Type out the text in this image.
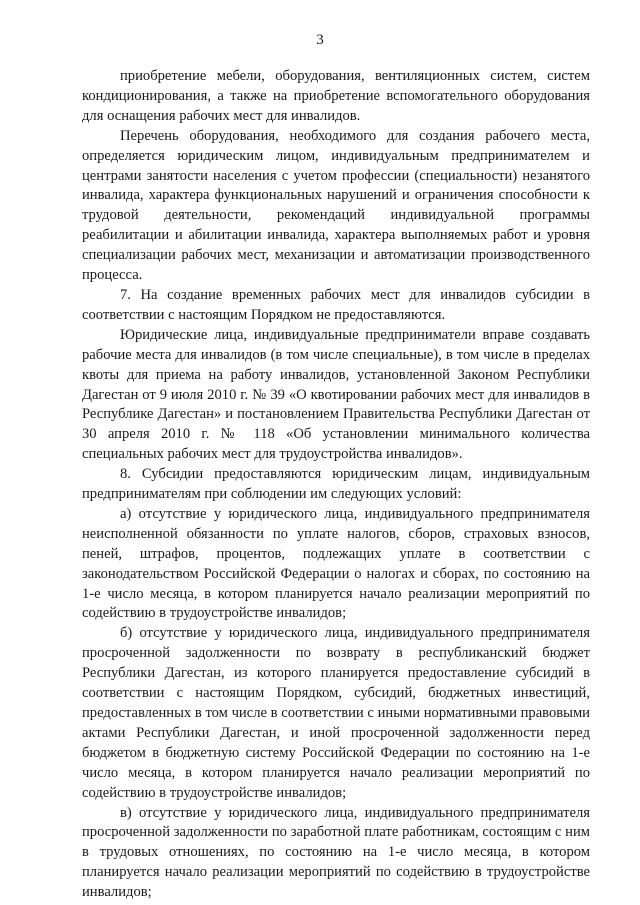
3

приобретение мебели, оборудования, вентиляционных систем, систем кондиционирования, а также на приобретение вспомогательного оборудования для оснащения рабочих мест для инвалидов.

Перечень оборудования, необходимого для создания рабочего места, определяется юридическим лицом, индивидуальным предпринимателем и центрами занятости населения с учетом профессии (специальности) незанятого инвалида, характера функциональных нарушений и ограничения способности к трудовой деятельности, рекомендаций индивидуальной программы реабилитации и абилитации инвалида, характера выполняемых работ и уровня специализации рабочих мест, механизации и автоматизации производственного процесса.

7. На создание временных рабочих мест для инвалидов субсидии в соответствии с настоящим Порядком не предоставляются.

Юридические лица, индивидуальные предприниматели вправе создавать рабочие места для инвалидов (в том числе специальные), в том числе в пределах квоты для приема на работу инвалидов, установленной Законом Республики Дагестан от 9 июля 2010 г. № 39 «О квотировании рабочих мест для инвалидов в Республике Дагестан» и постановлением Правительства Республики Дагестан от 30 апреля 2010 г. № 118 «Об установлении минимального количества специальных рабочих мест для трудоустройства инвалидов».

8. Субсидии предоставляются юридическим лицам, индивидуальным предпринимателям при соблюдении им следующих условий:

а) отсутствие у юридического лица, индивидуального предпринимателя неисполненной обязанности по уплате налогов, сборов, страховых взносов, пеней, штрафов, процентов, подлежащих уплате в соответствии с законодательством Российской Федерации о налогах и сборах, по состоянию на 1-е число месяца, в котором планируется начало реализации мероприятий по содействию в трудоустройстве инвалидов;

б) отсутствие у юридического лица, индивидуального предпринимателя просроченной задолженности по возврату в республиканский бюджет Республики Дагестан, из которого планируется предоставление субсидий в соответствии с настоящим Порядком, субсидий, бюджетных инвестиций, предоставленных в том числе в соответствии с иными нормативными правовыми актами Республики Дагестан, и иной просроченной задолженности перед бюджетом в бюджетную систему Российской Федерации по состоянию на 1-е число месяца, в котором планируется начало реализации мероприятий по содействию в трудоустройстве инвалидов;

в) отсутствие у юридического лица, индивидуального предпринимателя просроченной задолженности по заработной плате работникам, состоящим с ним в трудовых отношениях, по состоянию на 1-е число месяца, в котором планируется начало реализации мероприятий по содействию в трудоустройстве инвалидов;
